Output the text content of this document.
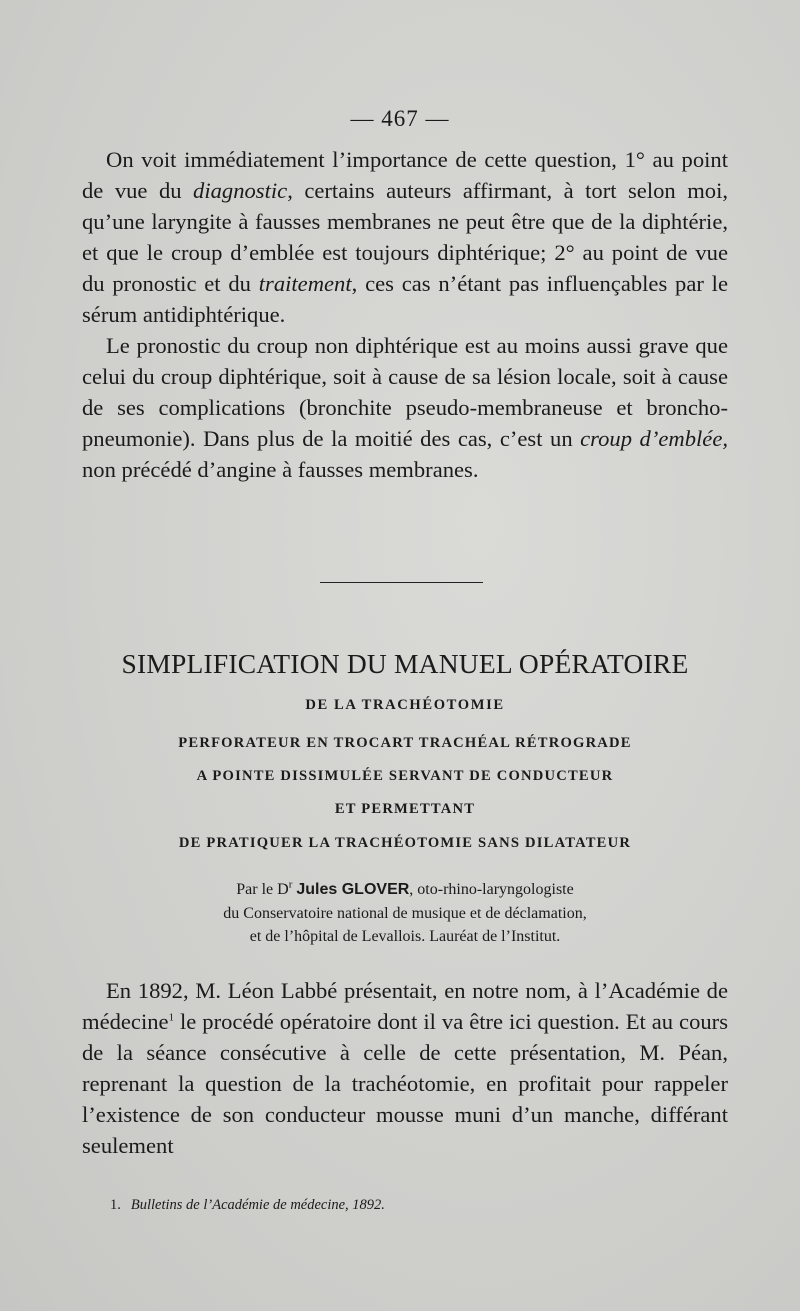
— 467 —

On voit immédiatement l’importance de cette question, 1° au point de vue du diagnostic, certains auteurs affirmant, à tort selon moi, qu’une laryngite à fausses membranes ne peut être que de la diphtérie, et que le croup d’emblée est toujours diphtérique; 2° au point de vue du pronostic et du traitement, ces cas n’étant pas influençables par le sérum antidiphtérique.

Le pronostic du croup non diphtérique est au moins aussi grave que celui du croup diphtérique, soit à cause de sa lésion locale, soit à cause de ses complications (bronchite pseudo-membraneuse et broncho-pneumonie). Dans plus de la moitié des cas, c’est un croup d’emblée, non précédé d’angine à fausses membranes.

SIMPLIFICATION DU MANUEL OPÉRATOIRE
DE LA TRACHÉOTOMIE
PERFORATEUR EN TROCART TRACHÉAL RÉTROGRADE
A POINTE DISSIMULÉE SERVANT DE CONDUCTEUR
ET PERMETTANT
DE PRATIQUER LA TRACHÉOTOMIE SANS DILATATEUR
Par le $D^r$ Jules GLOVER, oto-rhino-laryngologiste
du Conservatoire national de musique et de déclamation,
et de l’hôpital de Levallois. Lauréat de l’Institut.

En 1892, M. Léon Labbé présentait, en notre nom, à l’Académie de médecine$^1$ le procédé opératoire dont il va être ici question. Et au cours de la séance consécutive à celle de cette présentation, M. Péan, reprenant la question de la trachéotomie, en profitait pour rappeler l’existence de son conducteur mousse muni d’un manche, différant seulement

1. Bulletins de l’Académie de médecine, 1892.
